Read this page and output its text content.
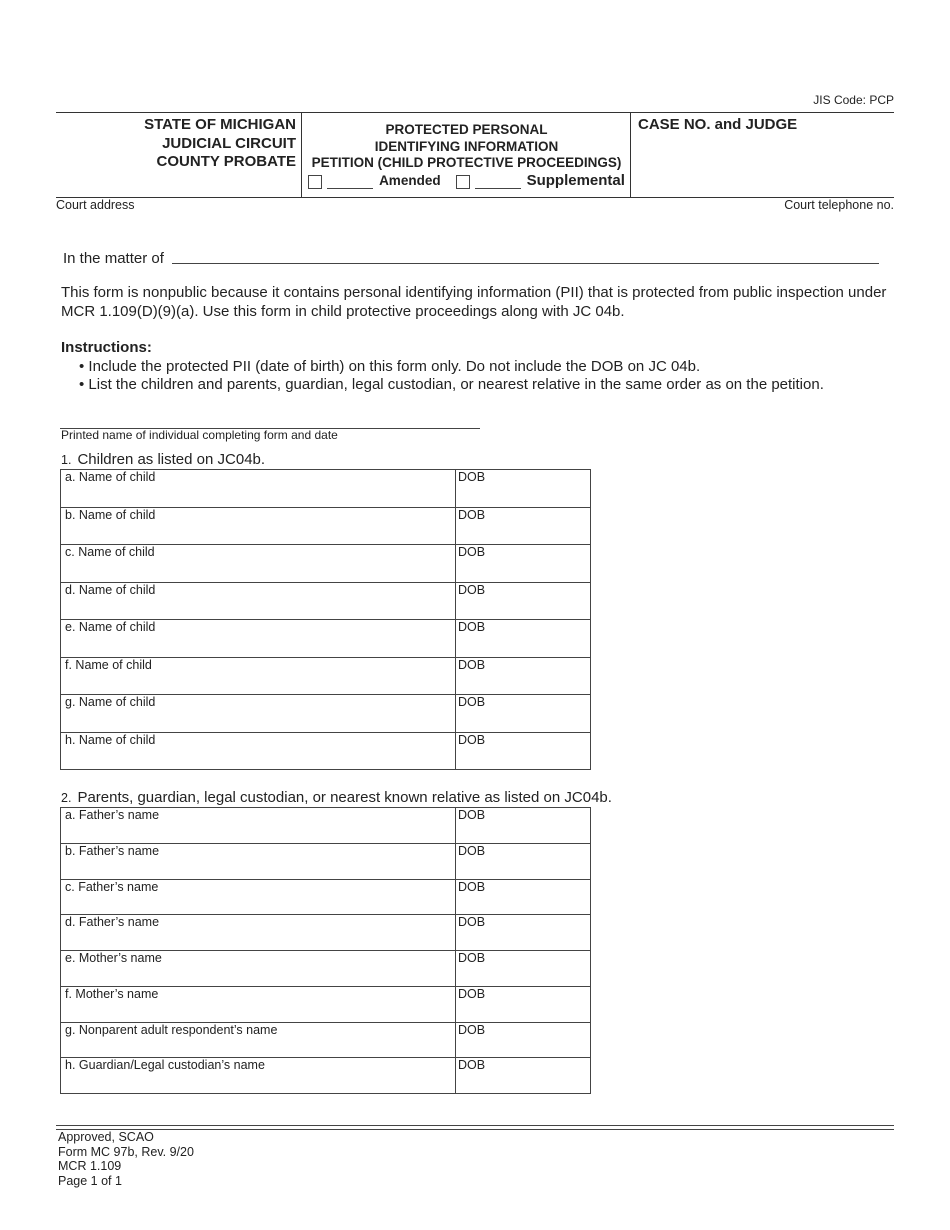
JIS Code: PCP
STATE OF MICHIGAN
JUDICIAL CIRCUIT
COUNTY PROBATE
PROTECTED PERSONAL
IDENTIFYING INFORMATION
PETITION (CHILD PROTECTIVE PROCEEDINGS)
Amended	Supplemental
CASE NO. and JUDGE
Court address	Court telephone no.
In the matter of
This form is nonpublic because it contains personal identifying information (PII) that is protected from public inspection under MCR 1.109(D)(9)(a). Use this form in child protective proceedings along with JC 04b.
Instructions:
• Include the protected PII (date of birth) on this form only. Do not include the DOB on JC 04b.
• List the children and parents, guardian, legal custodian, or nearest relative in the same order as on the petition.
Printed name of individual completing form and date
1. Children as listed on JC04b.
a. Name of child	DOB
b. Name of child	DOB
c. Name of child	DOB
d. Name of child	DOB
e. Name of child	DOB
f. Name of child	DOB
g. Name of child	DOB
h. Name of child	DOB
2. Parents, guardian, legal custodian, or nearest known relative as listed on JC04b.
a. Father’s name	DOB
b. Father’s name	DOB
c. Father’s name	DOB
d. Father’s name	DOB
e. Mother’s name	DOB
f. Mother’s name	DOB
g. Nonparent adult respondent’s name	DOB
h. Guardian/Legal custodian’s name	DOB
Approved, SCAO
Form MC 97b, Rev. 9/20
MCR 1.109
Page 1 of 1
